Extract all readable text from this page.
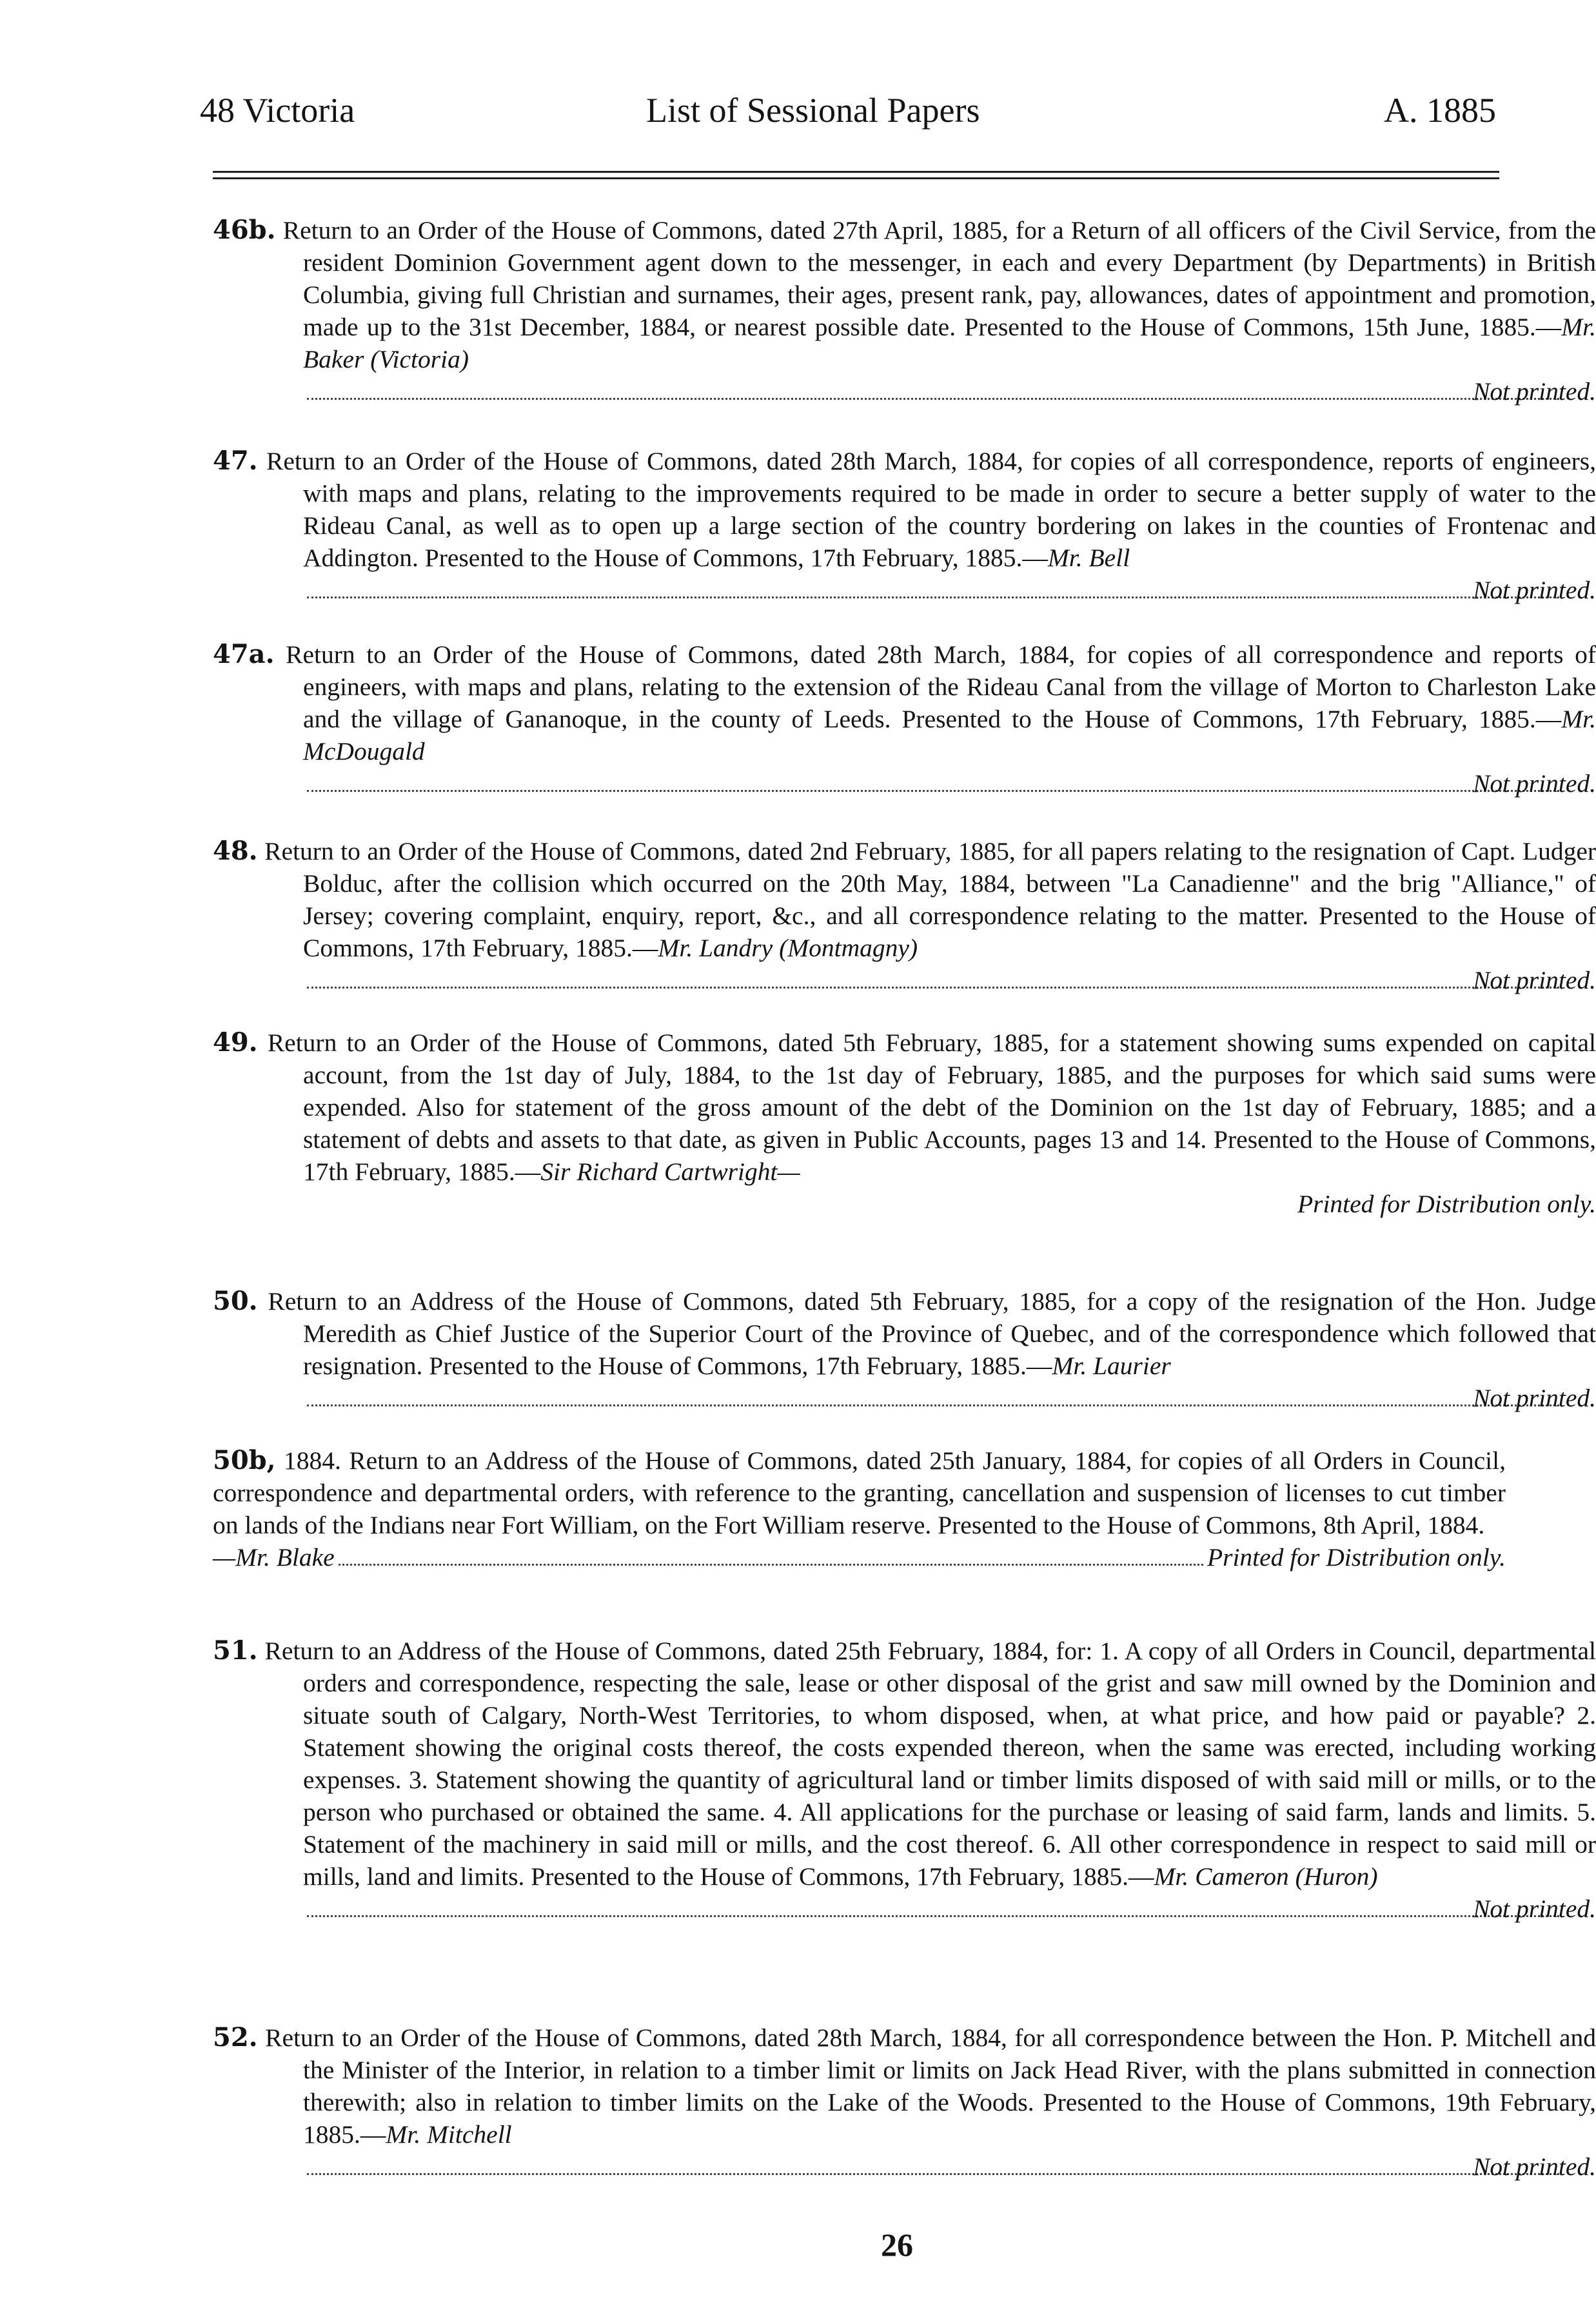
48 Victoria	List of Sessional Papers	A. 1885
46b. Return to an Order of the House of Commons, dated 27th April, 1885, for a Return of all officers of the Civil Service, from the resident Dominion Government agent down to the messenger, in each and every Department (by Departments) in British Columbia, giving full Christian and surnames, their ages, present rank, pay, allowances, dates of appointment and promotion, made up to the 31st December, 1884, or nearest possible date. Presented to the House of Commons, 15th June, 1885.—Mr. Baker (Victoria)
Not printed.
47. Return to an Order of the House of Commons, dated 28th March, 1884, for copies of all correspondence, reports of engineers, with maps and plans, relating to the improvements required to be made in order to secure a better supply of water to the Rideau Canal, as well as to open up a large section of the country bordering on lakes in the counties of Frontenac and Addington. Presented to the House of Commons, 17th February, 1885.—Mr. Bell
Not printed.
47a. Return to an Order of the House of Commons, dated 28th March, 1884, for copies of all correspondence and reports of engineers, with maps and plans, relating to the extension of the Rideau Canal from the village of Morton to Charleston Lake and the village of Gananoque, in the county of Leeds. Presented to the House of Commons, 17th February, 1885.—Mr. McDougald
Not printed.
48. Return to an Order of the House of Commons, dated 2nd February, 1885, for all papers relating to the resignation of Capt. Ludger Bolduc, after the collision which occurred on the 20th May, 1884, between "La Canadienne" and the brig "Alliance," of Jersey; covering complaint, enquiry, report, &c., and all correspondence relating to the matter. Presented to the House of Commons, 17th February, 1885.—Mr. Landry (Montmagny)
Not printed.
49. Return to an Order of the House of Commons, dated 5th February, 1885, for a statement showing sums expended on capital account, from the 1st day of July, 1884, to the 1st day of February, 1885, and the purposes for which said sums were expended. Also for statement of the gross amount of the debt of the Dominion on the 1st day of February, 1885; and a statement of debts and assets to that date, as given in Public Accounts, pages 13 and 14. Presented to the House of Commons, 17th February, 1885.—Sir Richard Cartwright—
Printed for Distribution only.
50. Return to an Address of the House of Commons, dated 5th February, 1885, for a copy of the resignation of the Hon. Judge Meredith as Chief Justice of the Superior Court of the Province of Quebec, and of the correspondence which followed that resignation. Presented to the House of Commons, 17th February, 1885.—Mr. Laurier
Not printed.
50b, 1884. Return to an Address of the House of Commons, dated 25th January, 1884, for copies of all Orders in Council, correspondence and departmental orders, with reference to the granting, cancellation and suspension of licenses to cut timber on lands of the Indians near Fort William, on the Fort William reserve. Presented to the House of Commons, 8th April, 1884.
—Mr. Blake	Printed for Distribution only.
51. Return to an Address of the House of Commons, dated 25th February, 1884, for: 1. A copy of all Orders in Council, departmental orders and correspondence, respecting the sale, lease or other disposal of the grist and saw mill owned by the Dominion and situate south of Calgary, North-West Territories, to whom disposed, when, at what price, and how paid or payable? 2. Statement showing the original costs thereof, the costs expended thereon, when the same was erected, including working expenses. 3. Statement showing the quantity of agricultural land or timber limits disposed of with said mill or mills, or to the person who purchased or obtained the same. 4. All applications for the purchase or leasing of said farm, lands and limits. 5. Statement of the machinery in said mill or mills, and the cost thereof. 6. All other correspondence in respect to said mill or mills, land and limits. Presented to the House of Commons, 17th February, 1885.—Mr. Cameron (Huron)
Not printed.
52. Return to an Order of the House of Commons, dated 28th March, 1884, for all correspondence between the Hon. P. Mitchell and the Minister of the Interior, in relation to a timber limit or limits on Jack Head River, with the plans submitted in connection therewith; also in relation to timber limits on the Lake of the Woods. Presented to the House of Commons, 19th February, 1885.—Mr. Mitchell
Not printed.
26
